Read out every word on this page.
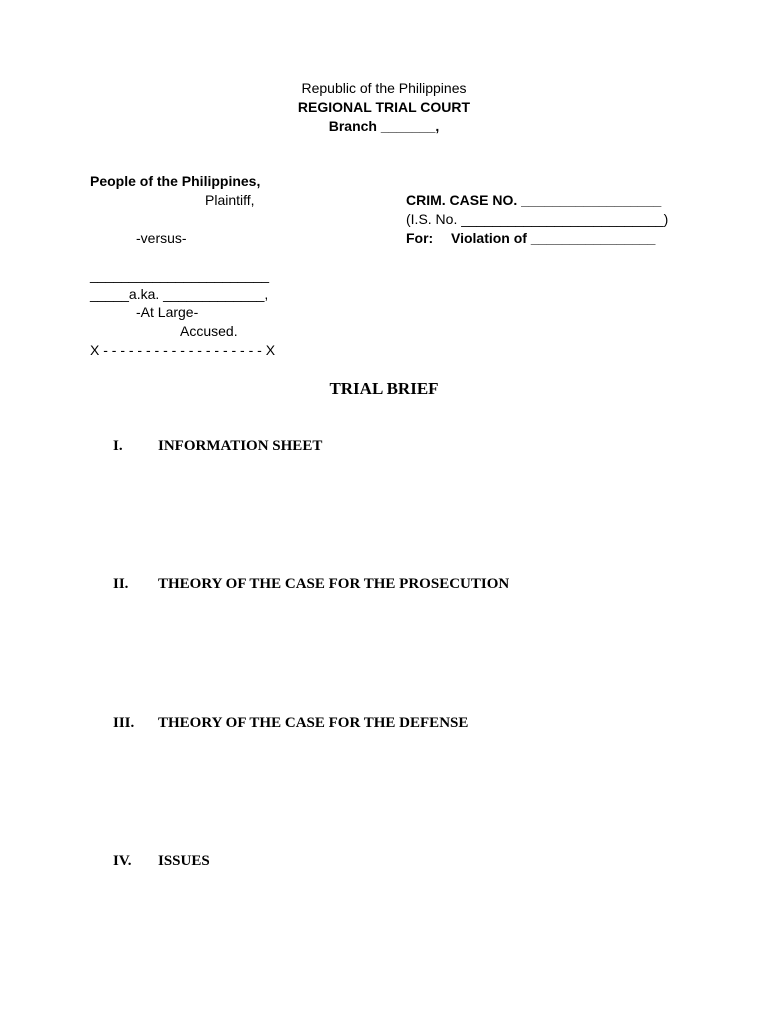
Republic of the Philippines
REGIONAL TRIAL COURT
Branch _______,
People of the Philippines,
Plaintiff,
-versus-
_______________________
_____a.ka. _____________,
-At Large-
Accused.
X - - - - - - - - - - - - - - - - - - - X
CRIM. CASE NO. __________________
(I.S. No. __________________________)
For: Violation of ________________
TRIAL BRIEF
I. INFORMATION SHEET
II. THEORY OF THE CASE FOR THE PROSECUTION
III. THEORY OF THE CASE FOR THE DEFENSE
IV. ISSUES
